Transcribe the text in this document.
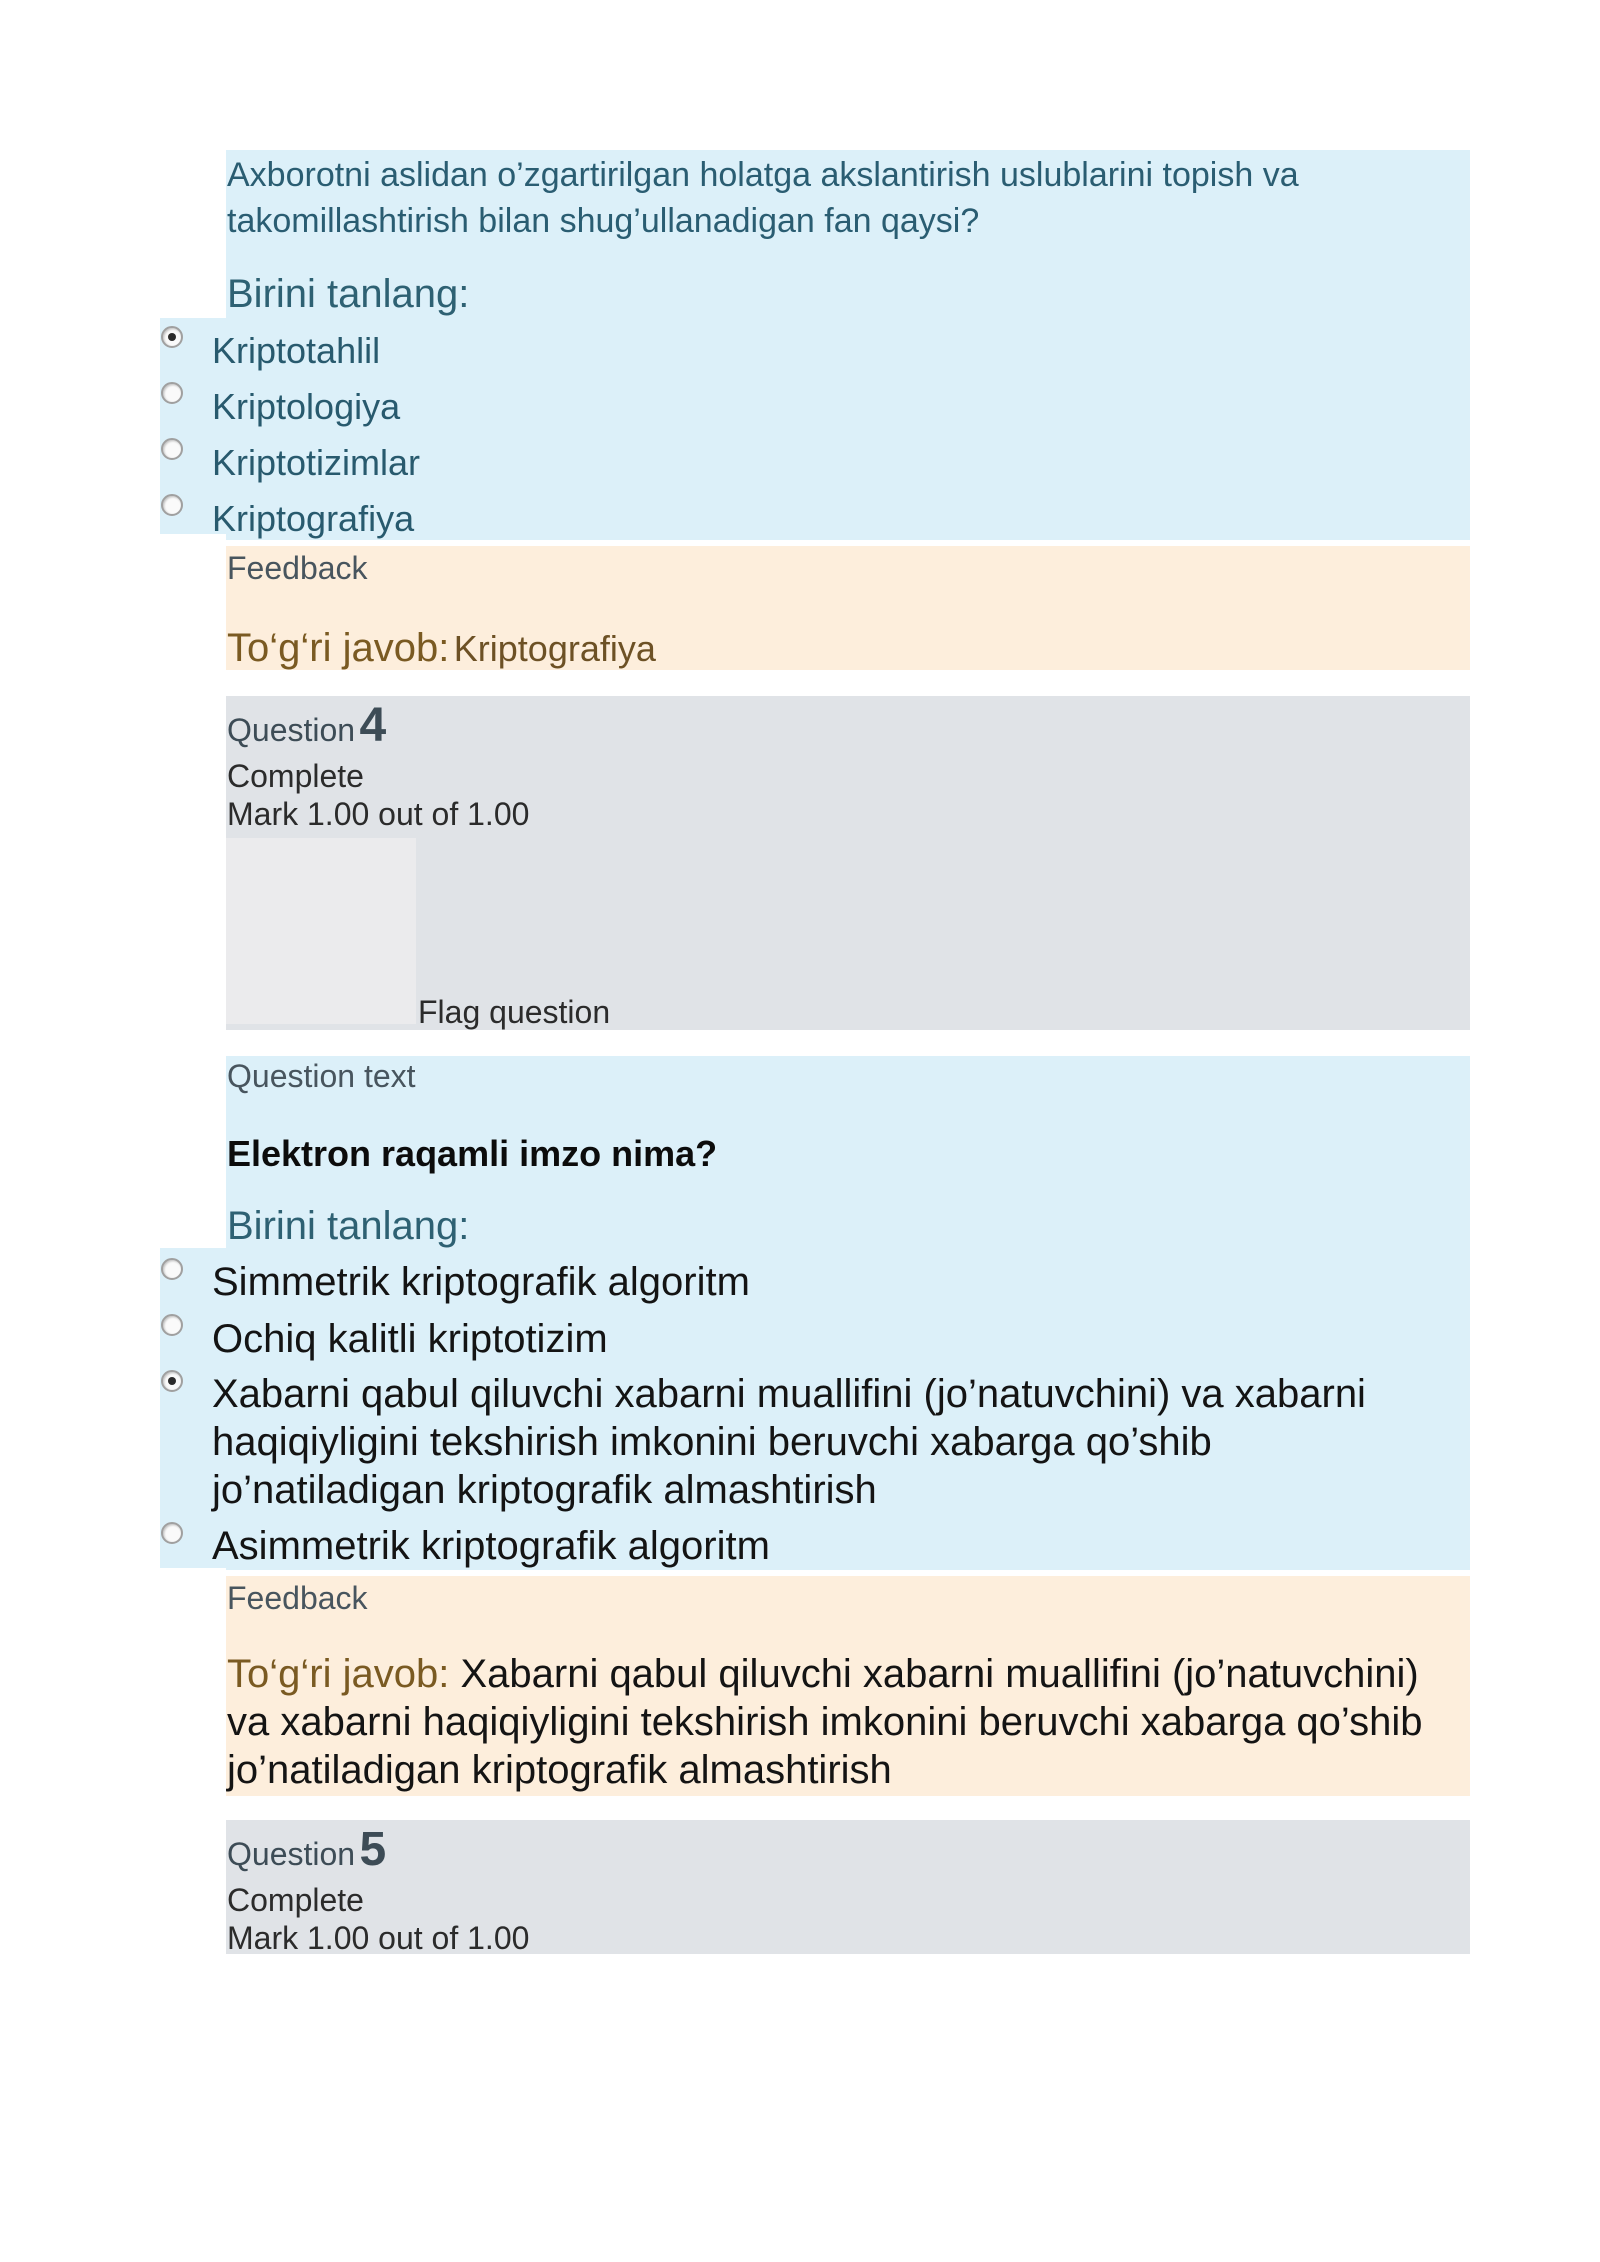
Axborotni aslidan o’zgartirilgan holatga akslantirish uslublarini topish va takomillashtirish bilan shug’ullanadigan fan qaysi?
Birini tanlang:
Kriptotahlil
Kriptologiya
Kriptotizimlar
Kriptografiya
Feedback
To‘g‘ri javob: Kriptografiya
Question 4
Complete
Mark 1.00 out of 1.00
Flag question
Question text
Elektron raqamli imzo nima?
Birini tanlang:
Simmetrik kriptografik algoritm
Ochiq kalitli kriptotizim
Xabarni qabul qiluvchi xabarni muallifini (jo’natuvchini) va xabarni haqiqiyligini tekshirish imkonini beruvchi xabarga qo’shib jo’natiladigan kriptografik almashtirish
Asimmetrik kriptografik algoritm
Feedback
To‘g‘ri javob: Xabarni qabul qiluvchi xabarni muallifini (jo’natuvchini) va xabarni haqiqiyligini tekshirish imkonini beruvchi xabarga qo’shib jo’natiladigan kriptografik almashtirish
Question 5
Complete
Mark 1.00 out of 1.00
